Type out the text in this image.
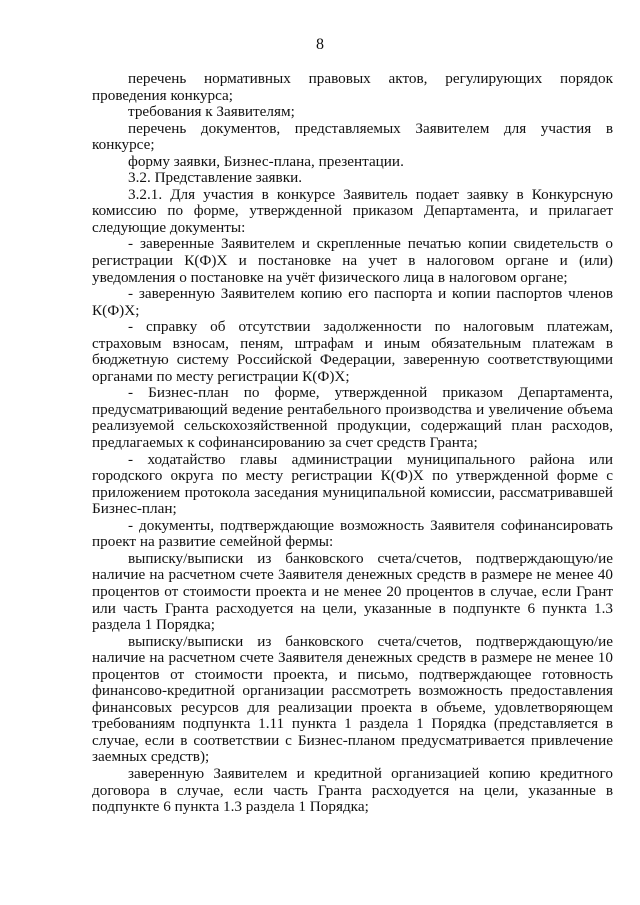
8

перечень нормативных правовых актов, регулирующих порядок проведения конкурса;

требования к Заявителям;

перечень документов, представляемых Заявителем для участия в конкурсе;

форму заявки, Бизнес-плана, презентации.

3.2. Представление заявки.

3.2.1. Для участия в конкурсе Заявитель подает заявку в Конкурсную комиссию по форме, утвержденной приказом Департамента, и прилагает следующие документы:

- заверенные Заявителем и скрепленные печатью копии свидетельств о регистрации К(Ф)Х и постановке на учет в налоговом органе и (или) уведомления о постановке на учёт физического лица в налоговом органе;

- заверенную Заявителем копию его паспорта и копии паспортов членов К(Ф)Х;

- справку об отсутствии задолженности по налоговым платежам, страховым взносам, пеням, штрафам и иным обязательным платежам в бюджетную систему Российской Федерации, заверенную соответствующими органами по месту регистрации К(Ф)Х;

- Бизнес-план по форме, утвержденной приказом Департамента, предусматривающий ведение рентабельного производства и увеличение объема реализуемой сельскохозяйственной продукции, содержащий план расходов, предлагаемых к софинансированию за счет средств Гранта;

- ходатайство главы администрации муниципального района или городского округа по месту регистрации К(Ф)Х по утвержденной форме с приложением протокола заседания муниципальной комиссии, рассматривавшей Бизнес-план;

- документы, подтверждающие возможность Заявителя софинансировать проект на развитие семейной фермы:

выписку/выписки из банковского счета/счетов, подтверждающую/ие наличие на расчетном счете Заявителя денежных средств в размере не менее 40 процентов от стоимости проекта и не менее 20 процентов в случае, если Грант или часть Гранта расходуется на цели, указанные в подпункте 6 пункта 1.3 раздела 1 Порядка;

выписку/выписки из банковского счета/счетов, подтверждающую/ие наличие на расчетном счете Заявителя денежных средств в размере не менее 10 процентов от стоимости проекта, и письмо, подтверждающее готовность финансово-кредитной организации рассмотреть возможность предоставления финансовых ресурсов для реализации проекта в объеме, удовлетворяющем требованиям подпункта 1.11 пункта 1 раздела 1 Порядка (представляется в случае, если в соответствии с Бизнес-планом предусматривается привлечение заемных средств);

заверенную Заявителем и кредитной организацией копию кредитного договора в случае, если часть Гранта расходуется на цели, указанные в подпункте 6 пункта 1.3 раздела 1 Порядка;
